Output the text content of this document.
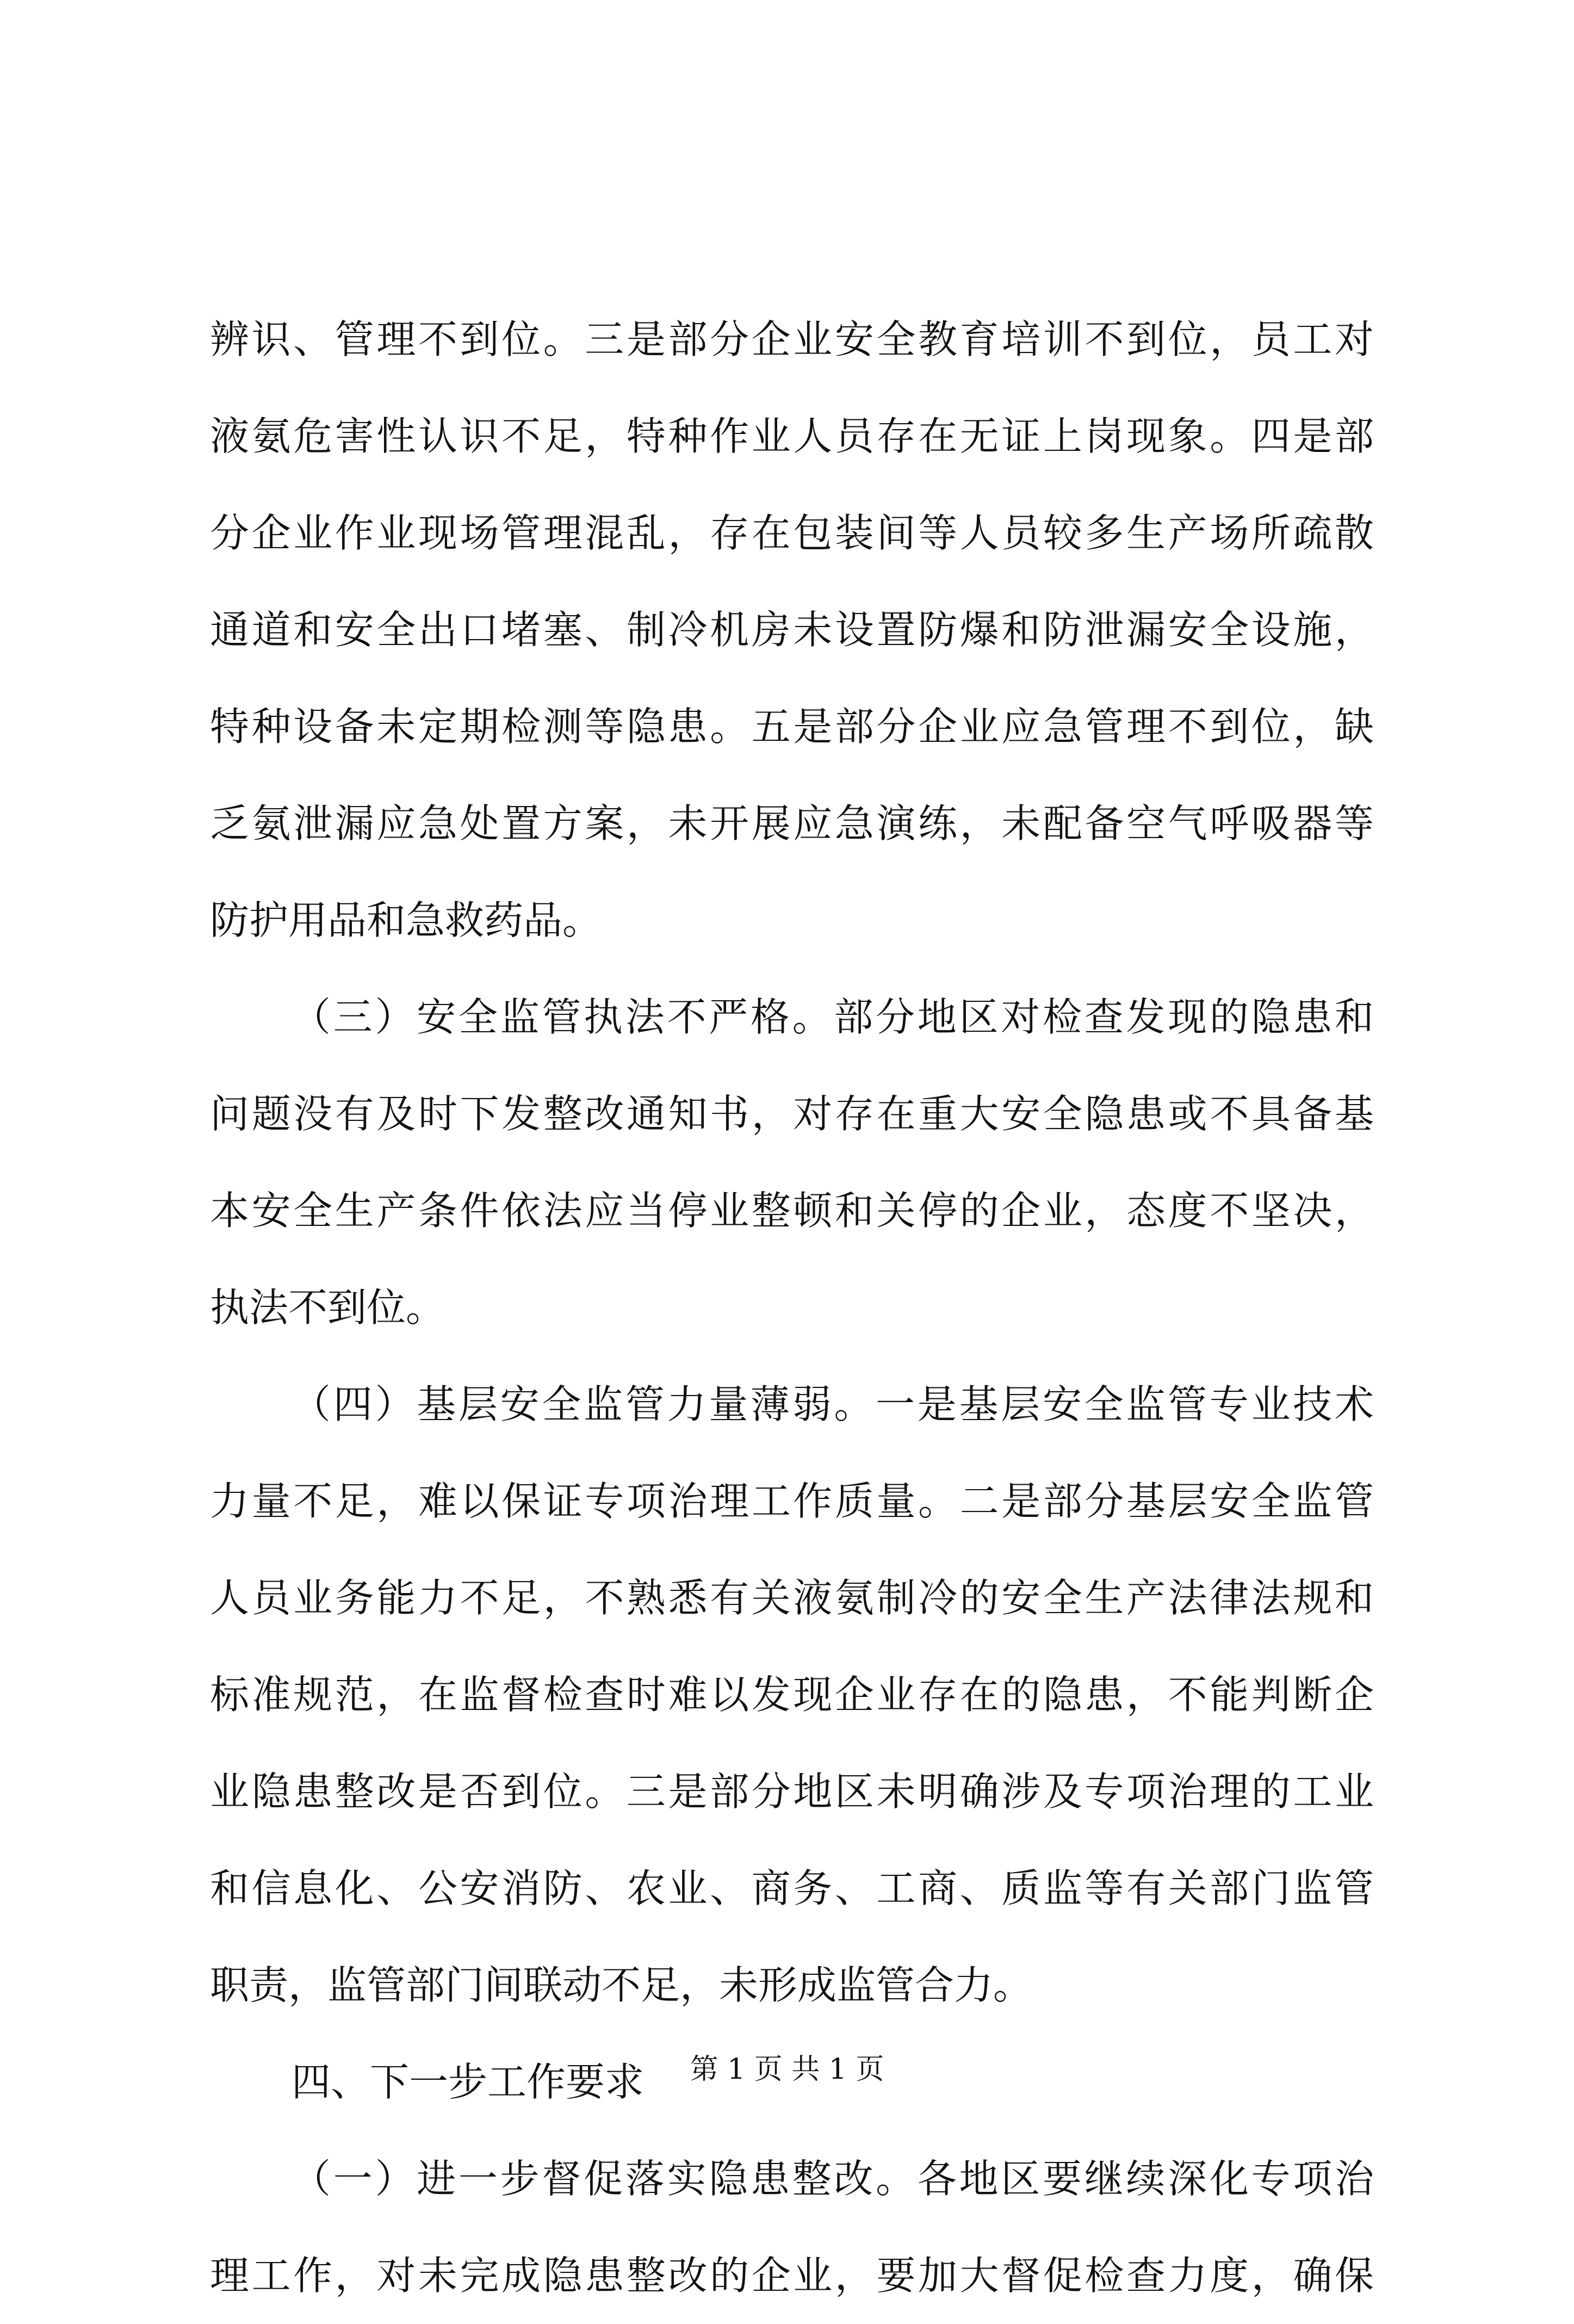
辨识、管理不到位。三是部分企业安全教育培训不到位，员工对
液氨危害性认识不足，特种作业人员存在无证上岗现象。四是部
分企业作业现场管理混乱，存在包装间等人员较多生产场所疏散
通道和安全出口堵塞、制冷机房未设置防爆和防泄漏安全设施，
特种设备未定期检测等隐患。五是部分企业应急管理不到位，缺
乏氨泄漏应急处置方案，未开展应急演练，未配备空气呼吸器等
防护用品和急救药品。
（三）安全监管执法不严格。部分地区对检查发现的隐患和
问题没有及时下发整改通知书，对存在重大安全隐患或不具备基
本安全生产条件依法应当停业整顿和关停的企业，态度不坚决，
执法不到位。
（四）基层安全监管力量薄弱。一是基层安全监管专业技术
力量不足，难以保证专项治理工作质量。二是部分基层安全监管
人员业务能力不足，不熟悉有关液氨制冷的安全生产法律法规和
标准规范，在监督检查时难以发现企业存在的隐患，不能判断企
业隐患整改是否到位。三是部分地区未明确涉及专项治理的工业
和信息化、公安消防、农业、商务、工商、质监等有关部门监管
职责，监管部门间联动不足，未形成监管合力。
四、下一步工作要求
（一）进一步督促落实隐患整改。各地区要继续深化专项治
理工作，对未完成隐患整改的企业，要加大督促检查力度，确保
第 1 页 共 1 页
